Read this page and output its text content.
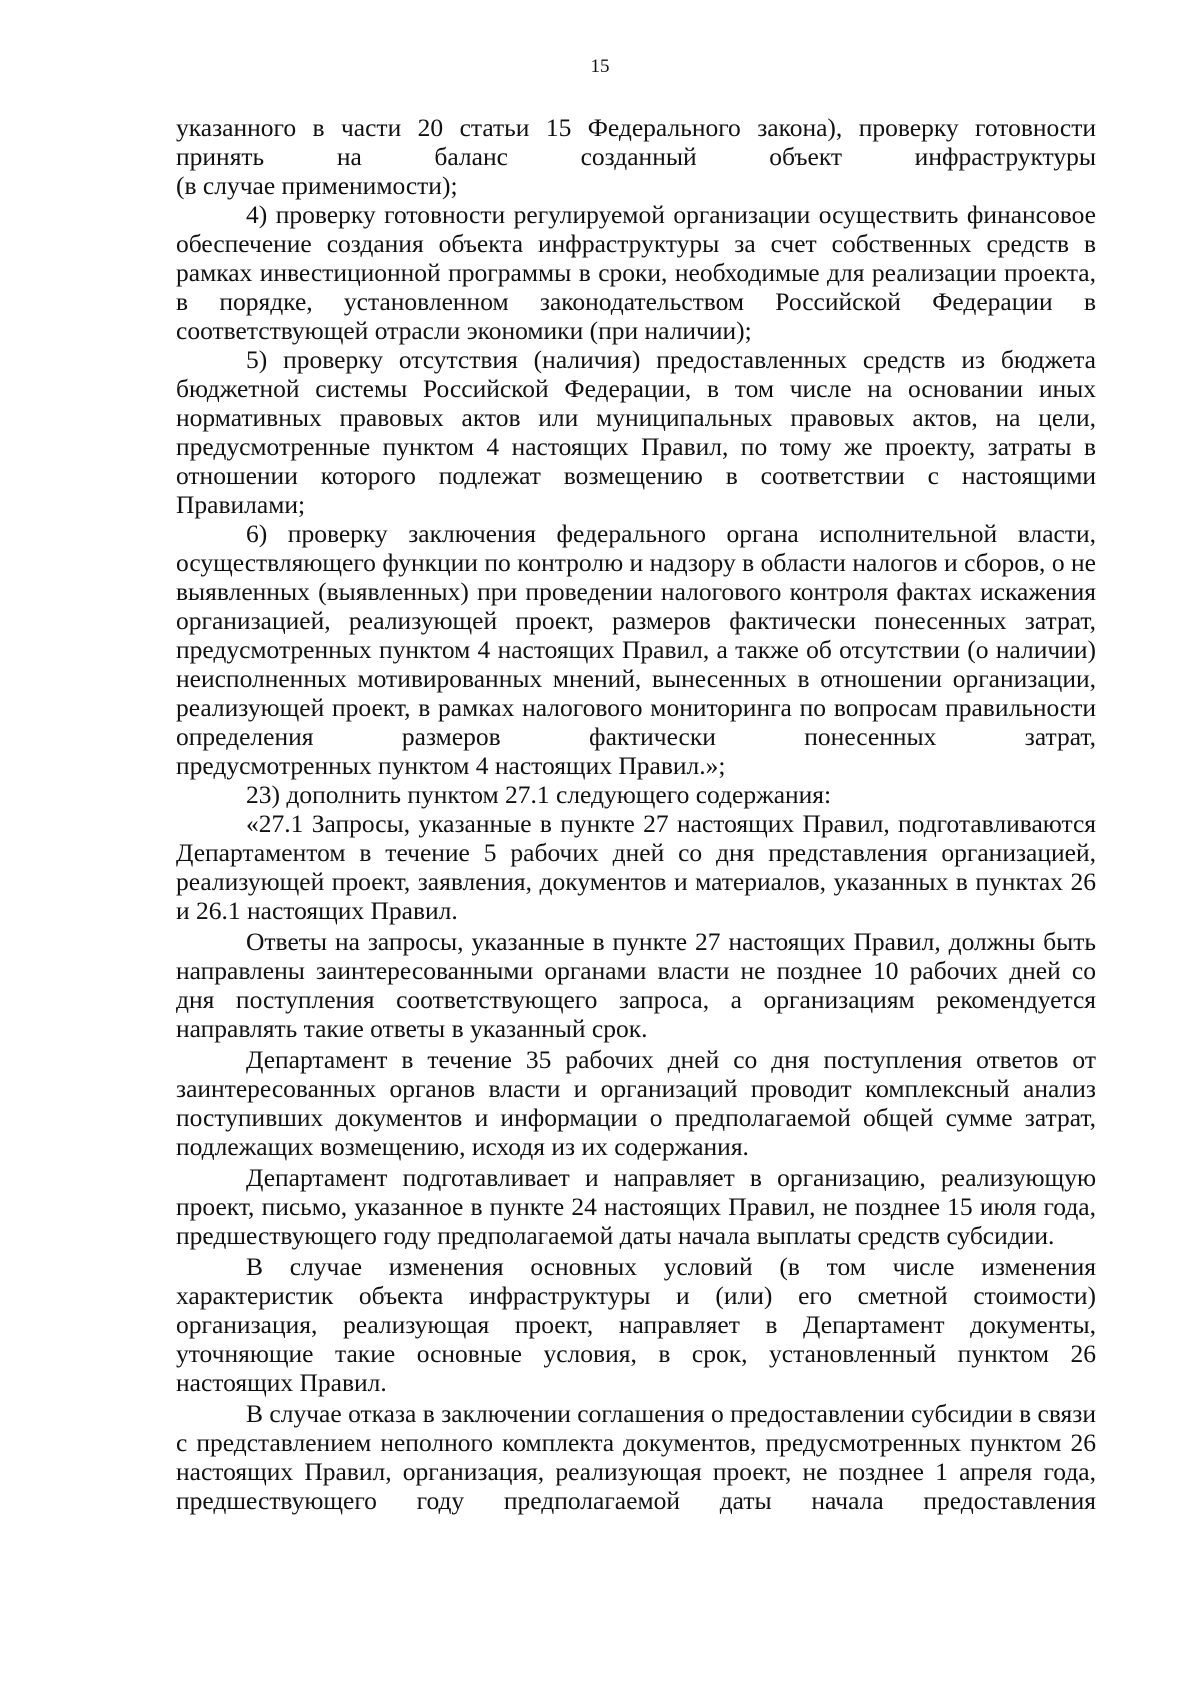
15

указанного в части 20 статьи 15 Федерального закона), проверку готовности принять на баланс созданный объект инфраструктуры

(в случае применимости);

4) проверку готовности регулируемой организации осуществить финансовое обеспечение создания объекта инфраструктуры за счет собственных средств в рамках инвестиционной программы в сроки, необходимые для реализации проекта, в порядке, установленном законодательством Российской Федерации в соответствующей отрасли экономики (при наличии);

5) проверку отсутствия (наличия) предоставленных средств из бюджета бюджетной системы Российской Федерации, в том числе на основании иных нормативных правовых актов или муниципальных правовых актов, на цели, предусмотренные пунктом 4 настоящих Правил, по тому же проекту, затраты в отношении которого подлежат возмещению в соответствии с настоящими Правилами;

6) проверку заключения федерального органа исполнительной власти, осуществляющего функции по контролю и надзору в области налогов и сборов, о не выявленных (выявленных) при проведении налогового контроля фактах искажения организацией, реализующей проект, размеров фактически понесенных затрат, предусмотренных пунктом 4 настоящих Правил, а также об отсутствии (о наличии) неисполненных мотивированных мнений, вынесенных в отношении организации, реализующей проект, в рамках налогового мониторинга по вопросам правильности определения размеров фактически понесенных затрат,

предусмотренных пунктом 4 настоящих Правил.»;

23) дополнить пунктом 27.1 следующего содержания:

«27.1 Запросы, указанные в пункте 27 настоящих Правил, подготавливаются Департаментом в течение 5 рабочих дней со дня представления организацией, реализующей проект, заявления, документов и материалов, указанных в пунктах 26 и 26.1 настоящих Правил.

Ответы на запросы, указанные в пункте 27 настоящих Правил, должны быть направлены заинтересованными органами власти не позднее 10 рабочих дней со дня поступления соответствующего запроса, а организациям рекомендуется направлять такие ответы в указанный срок.

Департамент в течение 35 рабочих дней со дня поступления ответов от заинтересованных органов власти и организаций проводит комплексный анализ поступивших документов и информации о предполагаемой общей сумме затрат, подлежащих возмещению, исходя из их содержания.

Департамент подготавливает и направляет в организацию, реализующую проект, письмо, указанное в пункте 24 настоящих Правил, не позднее 15 июля года, предшествующего году предполагаемой даты начала выплаты средств субсидии.

В случае изменения основных условий (в том числе изменения характеристик объекта инфраструктуры и (или) его сметной стоимости) организация, реализующая проект, направляет в Департамент документы, уточняющие такие основные условия, в срок, установленный пунктом 26

настоящих Правил.

В случае отказа в заключении соглашения о предоставлении субсидии в связи с представлением неполного комплекта документов, предусмотренных пунктом 26 настоящих Правил, организация, реализующая проект, не позднее 1 апреля года, предшествующего году предполагаемой даты начала предоставления
